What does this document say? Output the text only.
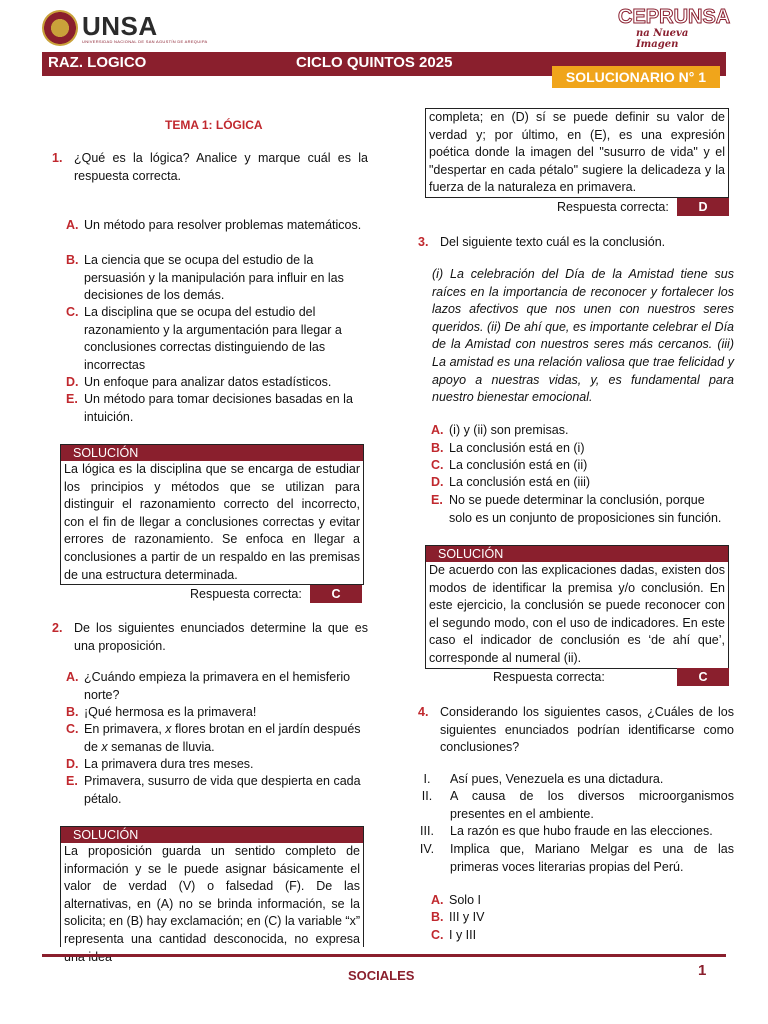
UNSA
UNIVERSIDAD NACIONAL DE SAN AGUSTÍN DE AREQUIPA
CEPRUNSA
na Nueva Imagen
RAZ. LOGICO	CICLO QUINTOS 2025
SOLUCIONARIO N° 1
TEMA 1: LÓGICA
1. ¿Qué es la lógica? Analice y marque cuál es la respuesta correcta.
A. Un método para resolver problemas matemáticos.
B. La ciencia que se ocupa del estudio de la persuasión y la manipulación para influir en las decisiones de los demás.
C. La disciplina que se ocupa del estudio del razonamiento y la argumentación para llegar a conclusiones correctas distinguiendo de las incorrectas
D. Un enfoque para analizar datos estadísticos.
E. Un método para tomar decisiones basadas en la intuición.
SOLUCIÓN
La lógica es la disciplina que se encarga de estudiar los principios y métodos que se utilizan para distinguir el razonamiento correcto del incorrecto, con el fin de llegar a conclusiones correctas y evitar errores de razonamiento. Se enfoca en llegar a conclusiones a partir de un respaldo en las premisas de una estructura determinada.
Respuesta correcta:	C
2. De los siguientes enunciados determine la que es una proposición.
A. ¿Cuándo empieza la primavera en el hemisferio norte?
B. ¡Qué hermosa es la primavera!
C. En primavera, x flores brotan en el jardín después de x semanas de lluvia.
D. La primavera dura tres meses.
E. Primavera, susurro de vida que despierta en cada pétalo.
SOLUCIÓN
La proposición guarda un sentido completo de información y se le puede asignar básicamente el valor de verdad (V) o falsedad (F). De las alternativas, en (A) no se brinda información, se la solicita; en (B) hay exclamación; en (C) la variable “x” representa una cantidad desconocida, no expresa
completa; en (D) sí se puede definir su valor de verdad y; por último, en (E), es una expresión poética donde la imagen del "susurro de vida" y el "despertar en cada pétalo" sugiere la delicadeza y la fuerza de la naturaleza en primavera.
Respuesta correcta:	D
3. Del siguiente texto cuál es la conclusión.
(i) La celebración del Día de la Amistad tiene sus raíces en la importancia de reconocer y fortalecer los lazos afectivos que nos unen con nuestros seres queridos. (ii) De ahí que, es importante celebrar el Día de la Amistad con nuestros seres más cercanos. (iii) La amistad es una relación valiosa que trae felicidad y apoyo a nuestras vidas, y, es fundamental para nuestro bienestar emocional.
A. (i) y (ii) son premisas.
B. La conclusión está en (i)
C. La conclusión está en (ii)
D. La conclusión está en (iii)
E. No se puede determinar la conclusión, porque solo es un conjunto de proposiciones sin función.
SOLUCIÓN
De acuerdo con las explicaciones dadas, existen dos modos de identificar la premisa y/o conclusión. En este ejercicio, la conclusión se puede reconocer con el segundo modo, con el uso de indicadores. En este caso el indicador de conclusión es ‘de ahí que’, corresponde al numeral (ii).
Respuesta correcta:	C
4. Considerando los siguientes casos, ¿Cuáles de los siguientes enunciados podrían identificarse como conclusiones?
I.	Así pues, Venezuela es una dictadura.
II.	A causa de los diversos microorganismos presentes en el ambiente.
III. La razón es que hubo fraude en las elecciones.
IV. Implica que, Mariano Melgar es una de las primeras voces literarias propias del Perú.
A. Solo I
B. III y IV
C. I y III
SOCIALES	1
